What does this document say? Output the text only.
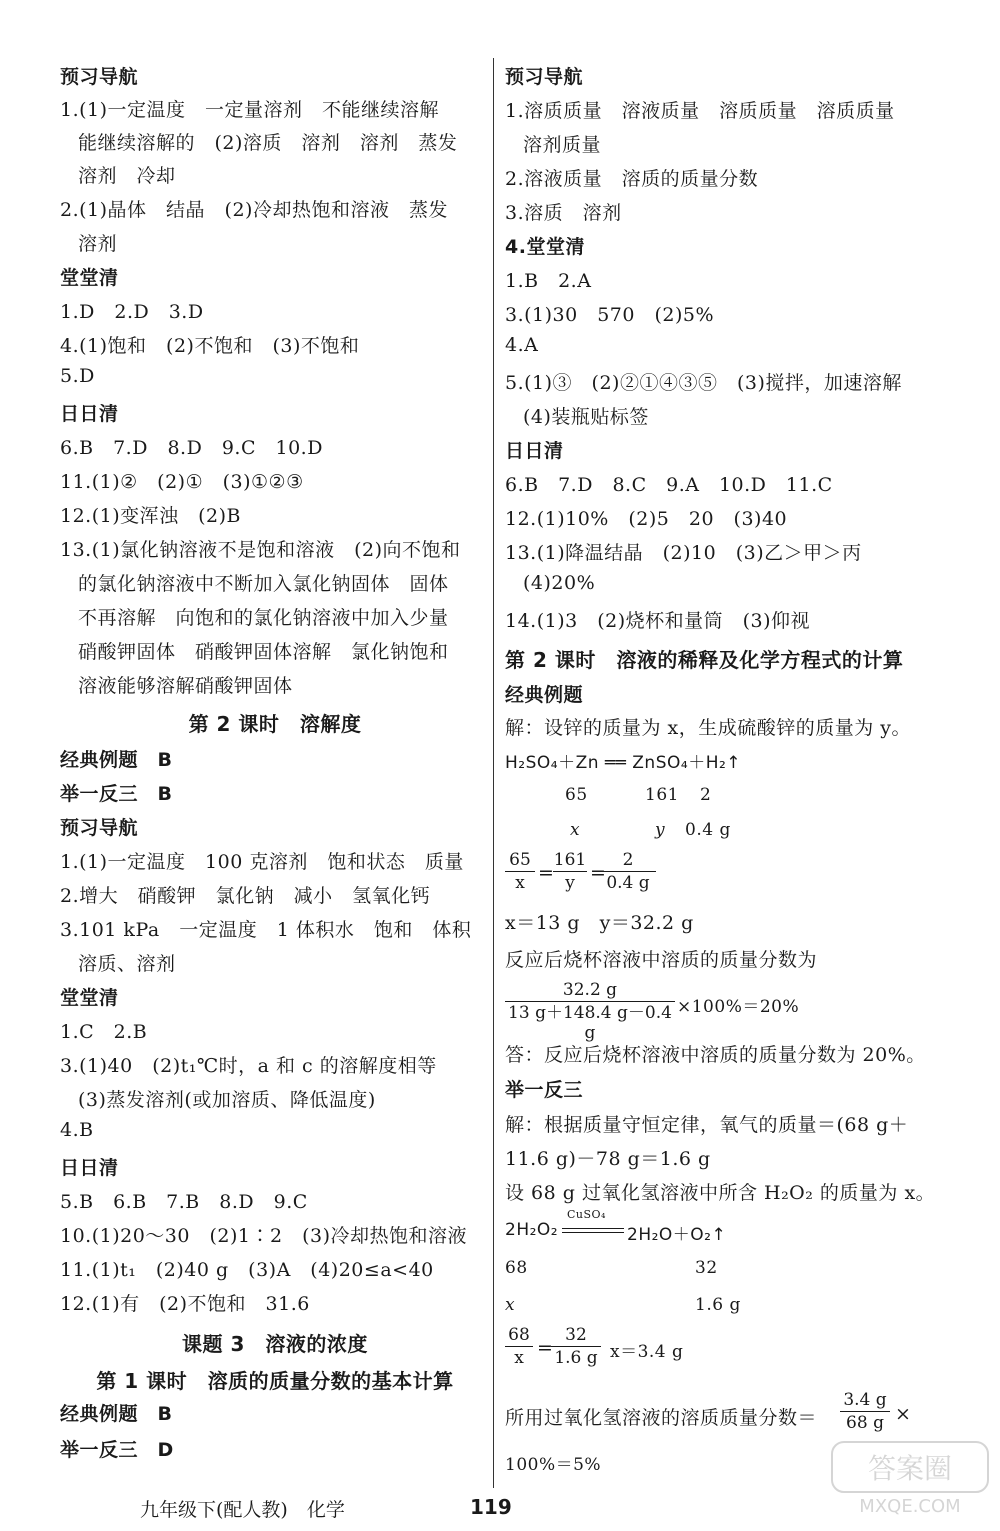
预习导航
1.(1)一定温度　一定量溶剂　不能继续溶解
能继续溶解的　(2)溶质　溶剂　溶剂　蒸发
溶剂　冷却
2.(1)晶体　结晶　(2)冷却热饱和溶液　蒸发
溶剂
堂堂清
1.D　2.D　3.D
4.(1)饱和　(2)不饱和　(3)不饱和
5.D
日日清
6.B　7.D　8.D　9.C　10.D
11.(1)②　(2)①　(3)①②③
12.(1)变浑浊　(2)B
13.(1)氯化钠溶液不是饱和溶液　(2)向不饱和
的氯化钠溶液中不断加入氯化钠固体　固体
不再溶解　向饱和的氯化钠溶液中加入少量
硝酸钾固体　硝酸钾固体溶解　氯化钠饱和
溶液能够溶解硝酸钾固体
第 2 课时　溶解度
经典例题　B
举一反三　B
预习导航
1.(1)一定温度　100 克溶剂　饱和状态　质量
2.增大　硝酸钾　氯化钠　减小　氢氧化钙
3.101 kPa　一定温度　1 体积水　饱和　体积
溶质、溶剂
堂堂清
1.C　2.B
3.(1)40　(2)t₁℃时，a 和 c 的溶解度相等
(3)蒸发溶剂(或加溶质、降低温度)
4.B
日日清
5.B　6.B　7.B　8.D　9.C
10.(1)20～30　(2)1∶2　(3)冷却热饱和溶液
11.(1)t₁　(2)40 g　(3)A　(4)20≤a<40
12.(1)有　(2)不饱和　31.6
课题 3　溶液的浓度
第 1 课时　溶质的质量分数的基本计算
经典例题　B
举一反三　D
预习导航
1.溶质质量　溶液质量　溶质质量　溶质质量
溶剂质量
2.溶液质量　溶质的质量分数
3.溶质　溶剂
4.堂堂清
1.B　2.A
3.(1)30　570　(2)5%
4.A
5.(1)③　(2)②①④③⑤　(3)搅拌，加速溶解
(4)装瓶贴标签
日日清
6.B　7.D　8.C　9.A　10.D　11.C
12.(1)10%　(2)5　20　(3)40
13.(1)降温结晶　(2)10　(3)乙＞甲＞丙
(4)20%
14.(1)3　(2)烧杯和量筒　(3)仰视
第 2 课时　溶液的稀释及化学方程式的计算
经典例题
解：设锌的质量为 x，生成硫酸锌的质量为 y。
H₂SO₄＋Zn ══ ZnSO₄＋H₂↑
65	161 2
x	y 0.4 g
65
x =
161
y =
2
0.4 g
x＝13 g　y＝32.2 g
反应后烧杯溶液中溶质的质量分数为
32.2 g
13 g＋148.4 g－0.4 g
×100%＝20%
答：反应后烧杯溶液中溶质的质量分数为 20%。
举一反三
解：根据质量守恒定律，氧气的质量＝(68 g＋
11.6 g)－78 g＝1.6 g
设 68 g 过氧化氢溶液中所含 H₂O₂ 的质量为 x。
2H₂O₂
CuSO₄
2H₂O＋O₂↑
68	32
x	1.6 g
68
x =
32
1.6 g x＝3.4 g
所用过氧化氢溶液的溶质质量分数＝
3.4 g
68 g ×
100%＝5%
九年级下(配人教)　化学	119
答案圈
MXQE.COM
